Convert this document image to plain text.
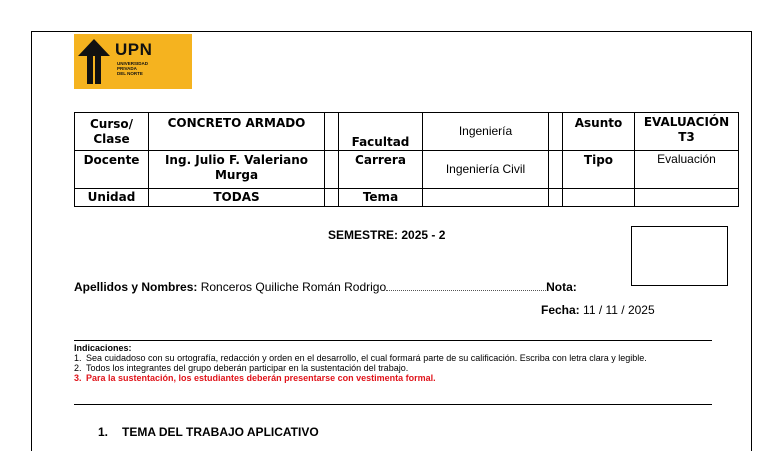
UPN
UNIVERSIDAD
PRIVADA
DEL NORTE
Curso/ Clase	CONCRETO ARMADO		Facultad	Ingeniería		Asunto	EVALUACIÓN T3
Docente	Ing. Julio F. Valeriano Murga		Carrera	Ingeniería Civil		Tipo	Evaluación
Unidad	TODAS		Tema				
SEMESTRE: 2025 - 2
Apellidos y Nombres: Ronceros Quiliche Román Rodrigo	Nota:
Fecha: 11 / 11 / 2025
Indicaciones:
1. Sea cuidadoso con su ortografía, redacción y orden en el desarrollo, el cual formará parte de su calificación. Escriba con letra clara y legible.
2. Todos los integrantes del grupo deberán participar en la sustentación del trabajo.
3. Para la sustentación, los estudiantes deberán presentarse con vestimenta formal.
1. TEMA DEL TRABAJO APLICATIVO
